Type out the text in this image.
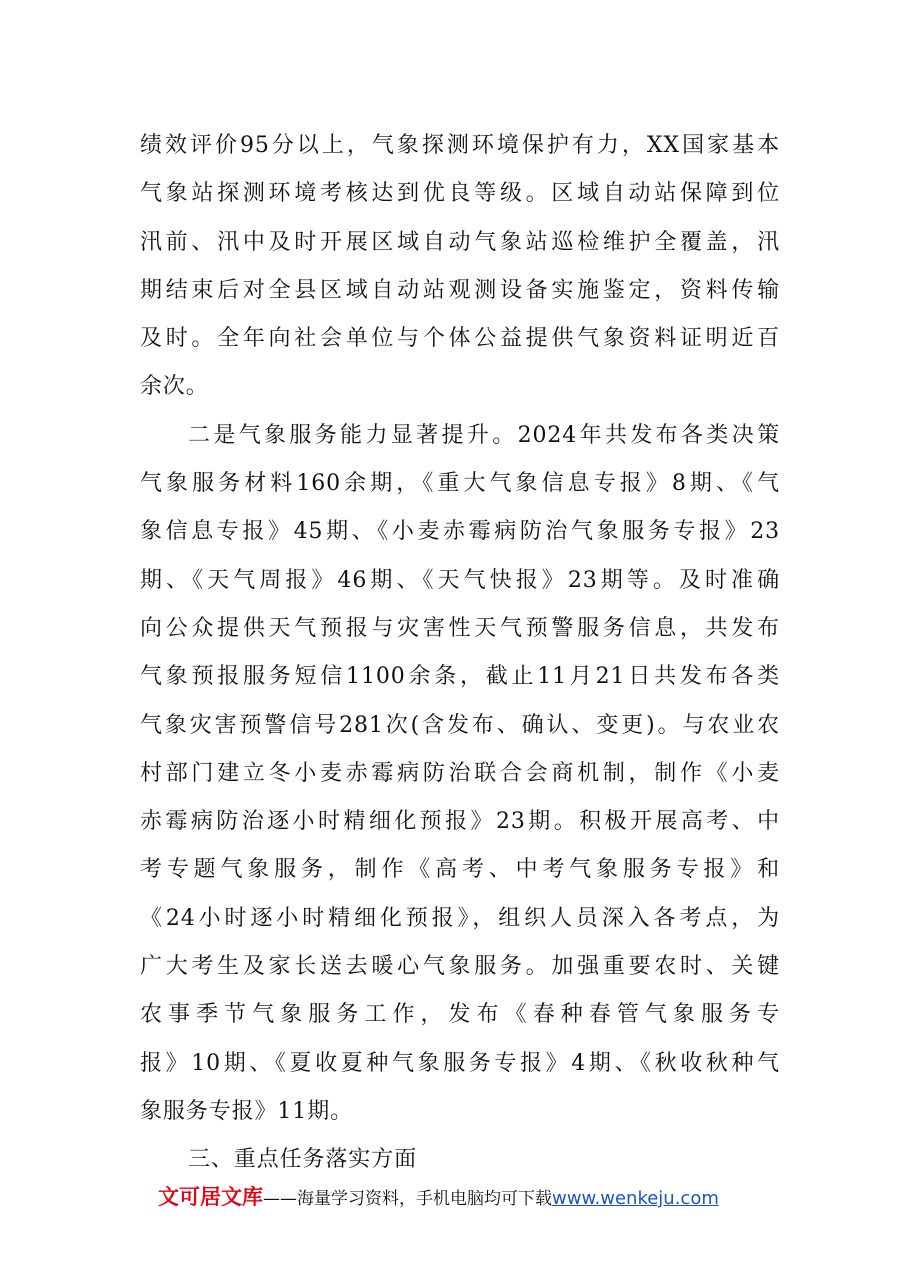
绩效评价95分以上，气象探测环境保护有力，XX国家基本
气象站探测环境考核达到优良等级。区域自动站保障到位
汛前、汛中及时开展区域自动气象站巡检维护全覆盖，汛
期结束后对全县区域自动站观测设备实施鉴定，资料传输
及时。全年向社会单位与个体公益提供气象资料证明近百
余次。
二是气象服务能力显著提升。2024年共发布各类决策
气象服务材料160余期，《重大气象信息专报》8期、《气
象信息专报》45期、《小麦赤霉病防治气象服务专报》23
期、《天气周报》46期、《天气快报》23期等。及时准确
向公众提供天气预报与灾害性天气预警服务信息，共发布
气象预报服务短信1100余条，截止11月21日共发布各类
气象灾害预警信号281次(含发布、确认、变更)。与农业农
村部门建立冬小麦赤霉病防治联合会商机制，制作《小麦
赤霉病防治逐小时精细化预报》23期。积极开展高考、中
考专题气象服务，制作《高考、中考气象服务专报》和
《24小时逐小时精细化预报》，组织人员深入各考点，为
广大考生及家长送去暖心气象服务。加强重要农时、关键
农事季节气象服务工作，发布《春种春管气象服务专
报》10期、《夏收夏种气象服务专报》4期、《秋收秋种气
象服务专报》11期。
三、重点任务落实方面
文可居文库——海量学习资料，手机电脑均可下载www.wenkeju.com
